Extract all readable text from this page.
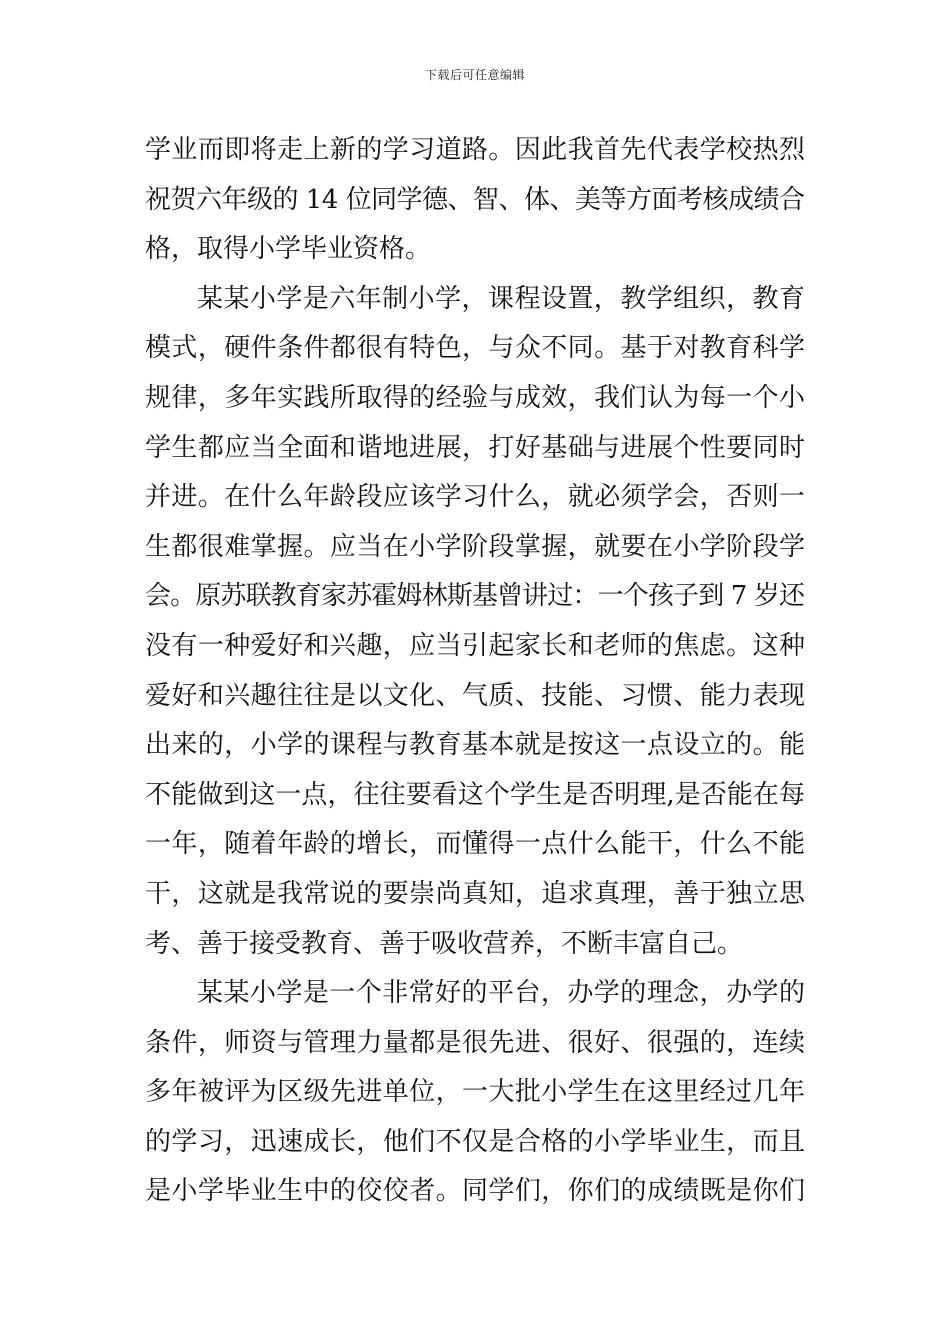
下载后可任意编辑
学业而即将走上新的学习道路。因此我首先代表学校热烈
祝贺六年级的 14 位同学德、智、体、美等方面考核成绩合
格，取得小学毕业资格。
某某小学是六年制小学，课程设置，教学组织，教育
模式，硬件条件都很有特色，与众不同。基于对教育科学
规律，多年实践所取得的经验与成效，我们认为每一个小
学生都应当全面和谐地进展，打好基础与进展个性要同时
并进。在什么年龄段应该学习什么，就必须学会，否则一
生都很难掌握。应当在小学阶段掌握，就要在小学阶段学
会。原苏联教育家苏霍姆林斯基曾讲过：一个孩子到 7 岁还
没有一种爱好和兴趣，应当引起家长和老师的焦虑。这种
爱好和兴趣往往是以文化、气质、技能、习惯、能力表现
出来的，小学的课程与教育基本就是按这一点设立的。能
不能做到这一点，往往要看这个学生是否明理,是否能在每
一年，随着年龄的增长，而懂得一点什么能干，什么不能
干，这就是我常说的要崇尚真知，追求真理，善于独立思
考、善于接受教育、善于吸收营养，不断丰富自己。
某某小学是一个非常好的平台，办学的理念，办学的
条件，师资与管理力量都是很先进、很好、很强的，连续
多年被评为区级先进单位，一大批小学生在这里经过几年
的学习，迅速成长，他们不仅是合格的小学毕业生，而且
是小学毕业生中的佼佼者。同学们，你们的成绩既是你们
